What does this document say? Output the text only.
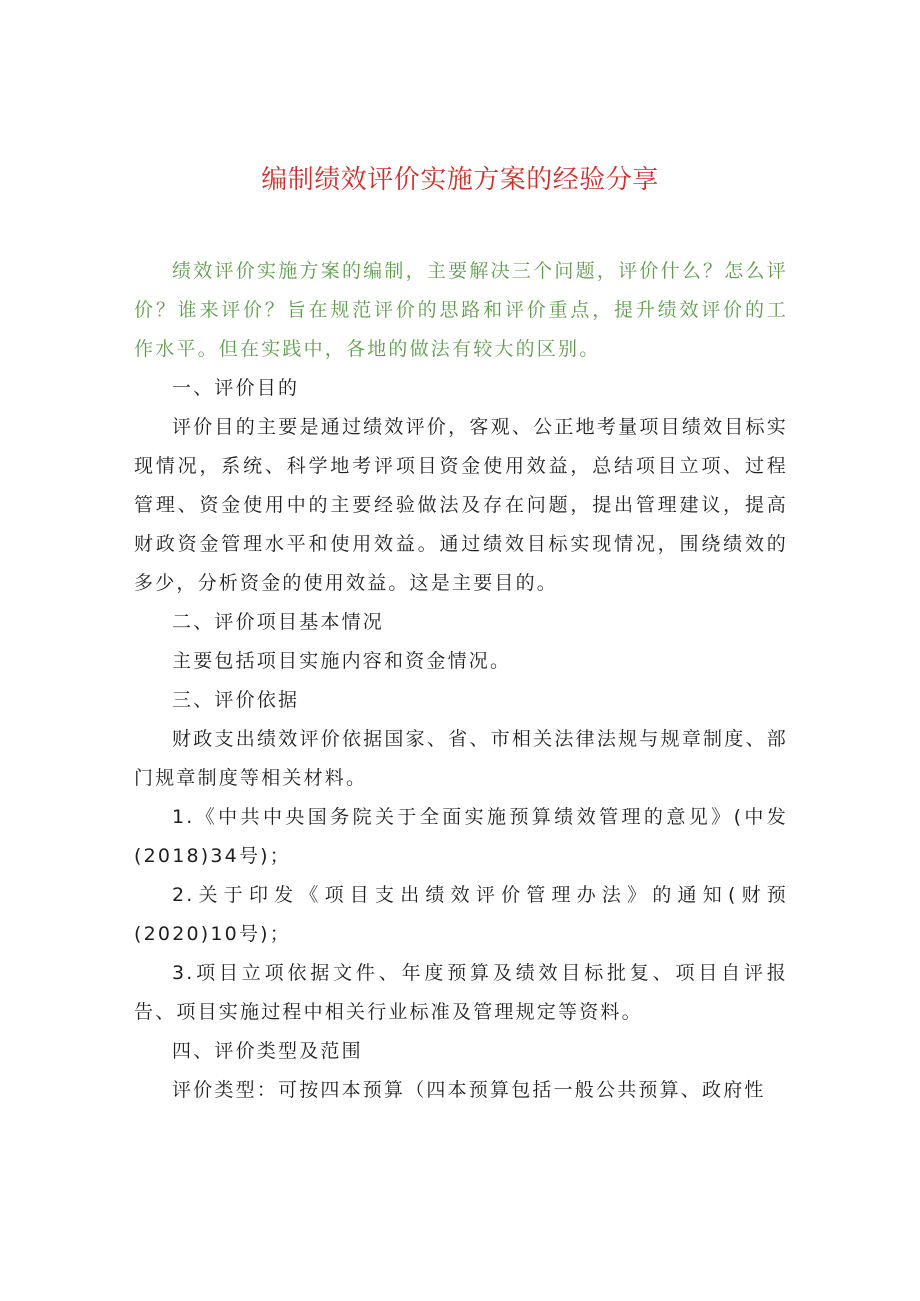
编制绩效评价实施方案的经验分享

绩效评价实施方案的编制，主要解决三个问题，评价什么？怎么评价？谁来评价？旨在规范评价的思路和评价重点，提升绩效评价的工作水平。但在实践中，各地的做法有较大的区别。

一、评价目的

评价目的主要是通过绩效评价，客观、公正地考量项目绩效目标实现情况，系统、科学地考评项目资金使用效益，总结项目立项、过程管理、资金使用中的主要经验做法及存在问题，提出管理建议，提高财政资金管理水平和使用效益。通过绩效目标实现情况，围绕绩效的多少，分析资金的使用效益。这是主要目的。

二、评价项目基本情况

主要包括项目实施内容和资金情况。

三、评价依据

财政支出绩效评价依据国家、省、市相关法律法规与规章制度、部门规章制度等相关材料。

1.《中共中央国务院关于全面实施预算绩效管理的意见》(中发(2018)34号)；

2.关于印发《项目支出绩效评价管理办法》的通知(财预(2020)10号)；

3.项目立项依据文件、年度预算及绩效目标批复、项目自评报告、项目实施过程中相关行业标准及管理规定等资料。

四、评价类型及范围

评价类型：可按四本预算（四本预算包括一般公共预算、政府性
